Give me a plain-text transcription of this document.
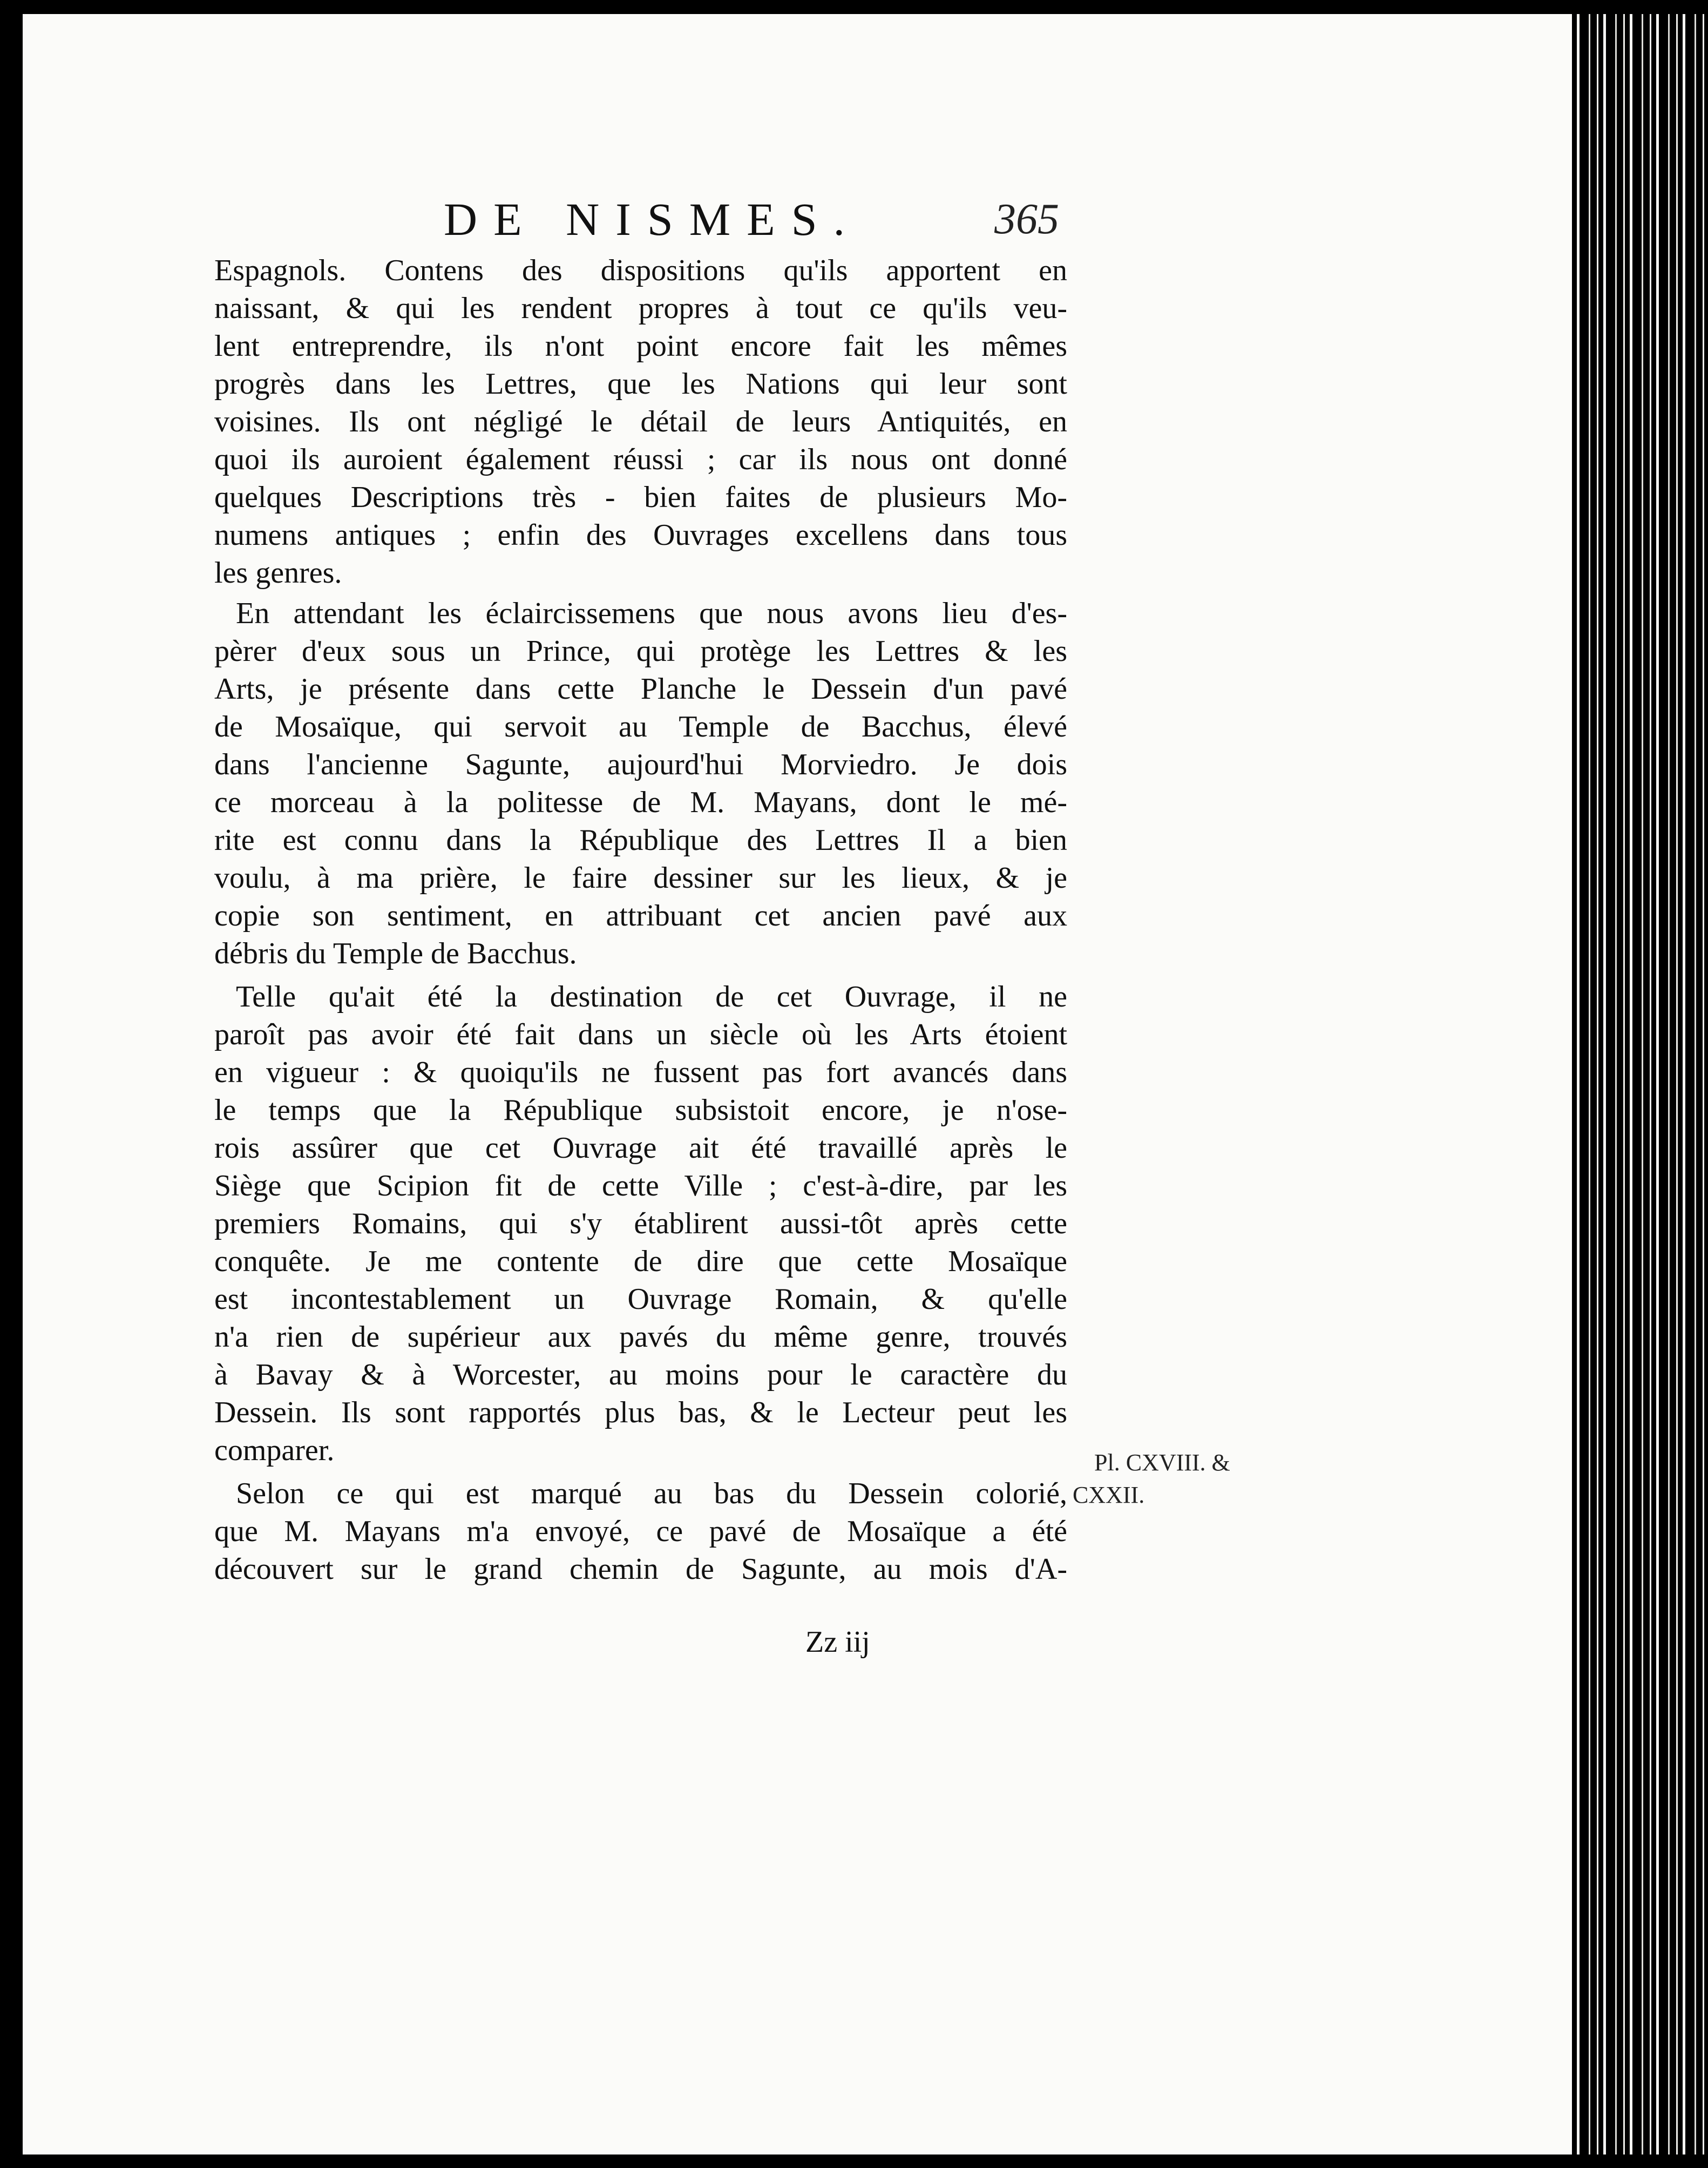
DE NISMES.	365
Espagnols. Contens des dispositions qu'ils apportent en
naissant, & qui les rendent propres à tout ce qu'ils veu-
lent entreprendre, ils n'ont point encore fait les mêmes
progrès dans les Lettres, que les Nations qui leur sont
voisines. Ils ont négligé le détail de leurs Antiquités, en
quoi ils auroient également réussi ; car ils nous ont donné
quelques Descriptions très - bien faites de plusieurs Mo-
numens antiques ; enfin des Ouvrages excellens dans tous
les genres.
En attendant les éclaircissemens que nous avons lieu d'es-
pèrer d'eux sous un Prince, qui protège les Lettres & les
Arts, je présente dans cette Planche le Dessein d'un pavé
de Mosaïque, qui servoit au Temple de Bacchus, élevé
dans l'ancienne Sagunte, aujourd'hui Morviedro. Je dois
ce morceau à la politesse de M. Mayans, dont le mé-
rite est connu dans la République des Lettres Il a bien
voulu, à ma prière, le faire dessiner sur les lieux, & je
copie son sentiment, en attribuant cet ancien pavé aux
débris du Temple de Bacchus.
Telle qu'ait été la destination de cet Ouvrage, il ne
paroît pas avoir été fait dans un siècle où les Arts étoient
en vigueur : & quoiqu'ils ne fussent pas fort avancés dans
le temps que la République subsistoit encore, je n'ose-
rois assûrer que cet Ouvrage ait été travaillé après le
Siège que Scipion fit de cette Ville ; c'est-à-dire, par les
premiers Romains, qui s'y établirent aussi-tôt après cette
conquête. Je me contente de dire que cette Mosaïque
est incontestablement un Ouvrage Romain, & qu'elle
n'a rien de supérieur aux pavés du même genre, trouvés
à Bavay & à Worcester, au moins pour le caractère du
Dessein. Ils sont rapportés plus bas, & le Lecteur peut les
comparer.
Selon ce qui est marqué au bas du Dessein colorié,
que M. Mayans m'a envoyé, ce pavé de Mosaïque a été
découvert sur le grand chemin de Sagunte, au mois d'A-
Pl. CXVIII. &
CXXII.
Zz iij
